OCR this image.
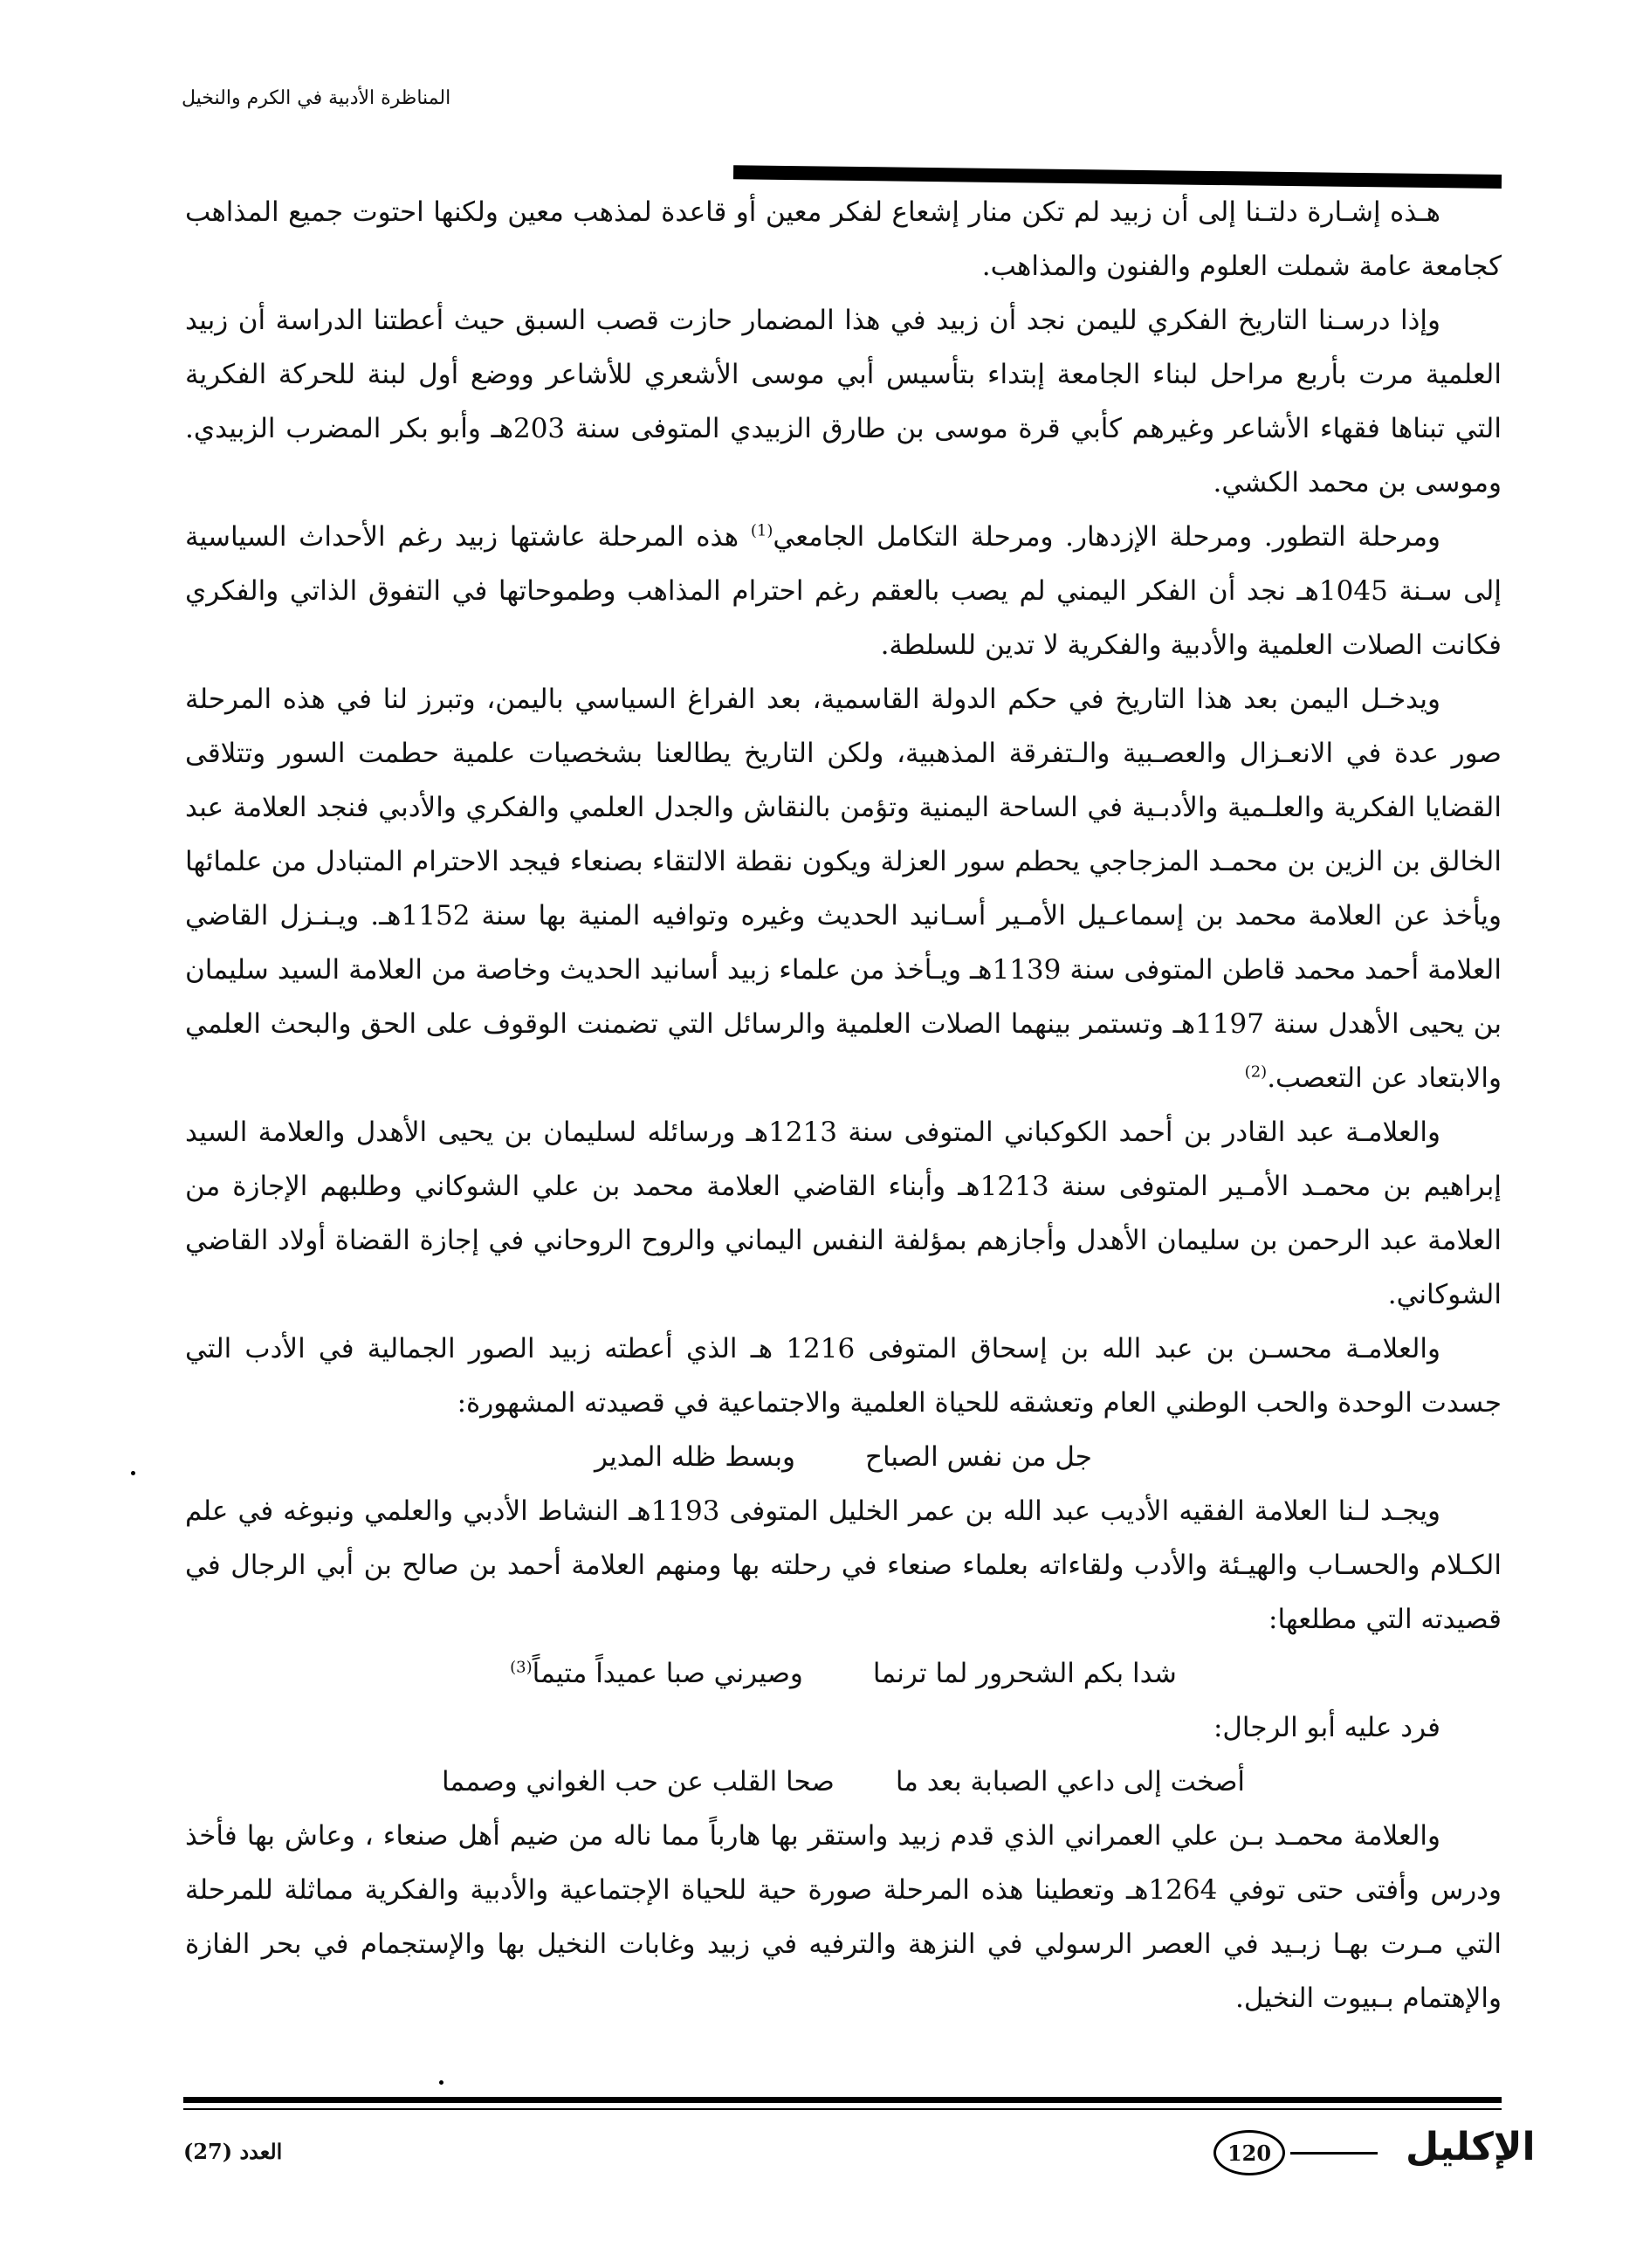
المناظرة الأدبية في الكرم والنخيل

هـذه إشـارة دلتـنا إلى أن زبيد لم تكن منار إشعاع لفكر معين أو قاعدة لمذهب معين ولكنها احتوت جميع المذاهب كجامعة عامة شملت العلوم والفنون والمذاهب.

وإذا درسـنا التاريخ الفكري لليمن نجد أن زبيد في هذا المضمار حازت قصب السبق حيث أعطتنا الدراسة أن زبيد العلمية مرت بأربع مراحل لبناء الجامعة إبتداء بتأسيس أبي موسى الأشعري للأشاعر ووضع أول لبنة للحركة الفكرية التي تبناها فقهاء الأشاعر وغيرهم كأبي قرة موسى بن طارق الزبيدي المتوفى سنة 203هـ وأبو بكر المضرب الزبيدي. وموسى بن محمد الكشي.

ومرحلة التطور. ومرحلة الإزدهار. ومرحلة التكامل الجامعي$^{(1)}$ هذه المرحلة عاشتها زبيد رغم الأحداث السياسية إلى سـنة 1045هـ نجد أن الفكر اليمني لم يصب بالعقم رغم احترام المذاهب وطموحاتها في التفوق الذاتي والفكري فكانت الصلات العلمية والأدبية والفكرية لا تدين للسلطة.

ويدخـل اليمن بعد هذا التاريخ في حكم الدولة القاسمية، بعد الفراغ السياسي باليمن، وتبرز لنا في هذه المرحلة صور عدة في الانعـزال والعصـبية والـتفرقة المذهبية، ولكن التاريخ يطالعنا بشخصيات علمية حطمت السور وتتلاقى القضايا الفكرية والعلـمية والأدبـية في الساحة اليمنية وتؤمن بالنقاش والجدل العلمي والفكري والأدبي فنجد العلامة عبد الخالق بن الزين بن محمـد المزجاجي يحطم سور العزلة ويكون نقطة الالتقاء بصنعاء فيجد الاحترام المتبادل من علمائها ويأخذ عن العلامة محمد بن إسماعـيل الأمـير أسـانيد الحديث وغيره وتوافيه المنية بها سنة 1152هـ. ويـنـزل القاضي العلامة أحمد محمد قاطن المتوفى سنة 1139هـ ويـأخذ من علماء زبيد أسانيد الحديث وخاصة من العلامة السيد سليمان بن يحيى الأهدل سنة 1197هـ وتستمر بينهما الصلات العلمية والرسائل التي تضمنت الوقوف على الحق والبحث العلمي والابتعاد عن التعصب.$^{(2)}$

والعلامـة عبد القادر بن أحمد الكوكباني المتوفى سنة 1213هـ ورسائله لسليمان بن يحيى الأهدل والعلامة السيد إبراهيم بن محمـد الأمـير المتوفى سنة 1213هـ وأبناء القاضي العلامة محمد بن علي الشوكاني وطلبهم الإجازة من العلامة عبد الرحمن بن سليمان الأهدل وأجازهم بمؤلفة النفس اليماني والروح الروحاني في إجازة القضاة أولاد القاضي الشوكاني.

والعلامـة محسـن بن عبد الله بن إسحاق المتوفى 1216 هـ الذي أعطته زبيد الصور الجمالية في الأدب التي جسدت الوحدة والحب الوطني العام وتعشقه للحياة العلمية والاجتماعية في قصيدته المشهورة:

جل من نفس الصباح
وبسط ظله المدير

ويجـد لـنا العلامة الفقيه الأديب عبد الله بن عمر الخليل المتوفى 1193هـ النشاط الأدبي والعلمي ونبوغه في علم الكـلام والحسـاب والهيـئة والأدب ولقاءاته بعلماء صنعاء في رحلته بها ومنهم العلامة أحمد بن صالح بن أبي الرجال في قصيدته التي مطلعها:

شدا بكم الشحرور لما ترنما
وصيرني صبا عميداً متيماً$^{(3)}$

فرد عليه أبو الرجال:

أصخت إلى داعي الصبابة بعد ما
صحا القلب عن حب الغواني وصمما

والعلامة محمـد بـن علي العمراني الذي قدم زبيد واستقر بها هارباً مما ناله من ضيم أهل صنعاء ، وعاش بها فأخذ ودرس وأفتى حتى توفي 1264هـ وتعطينا هذه المرحلة صورة حية للحياة الإجتماعية والأدبية والفكرية مماثلة للمرحلة التي مـرت بهـا زبـيد في العصر الرسولي في النزهة والترفيه في زبيد وغابات النخيل بها والإستجمام في بحر الفازة والإهتمام بـبيوت النخيل.

العدد (27)	120	الإكليل
